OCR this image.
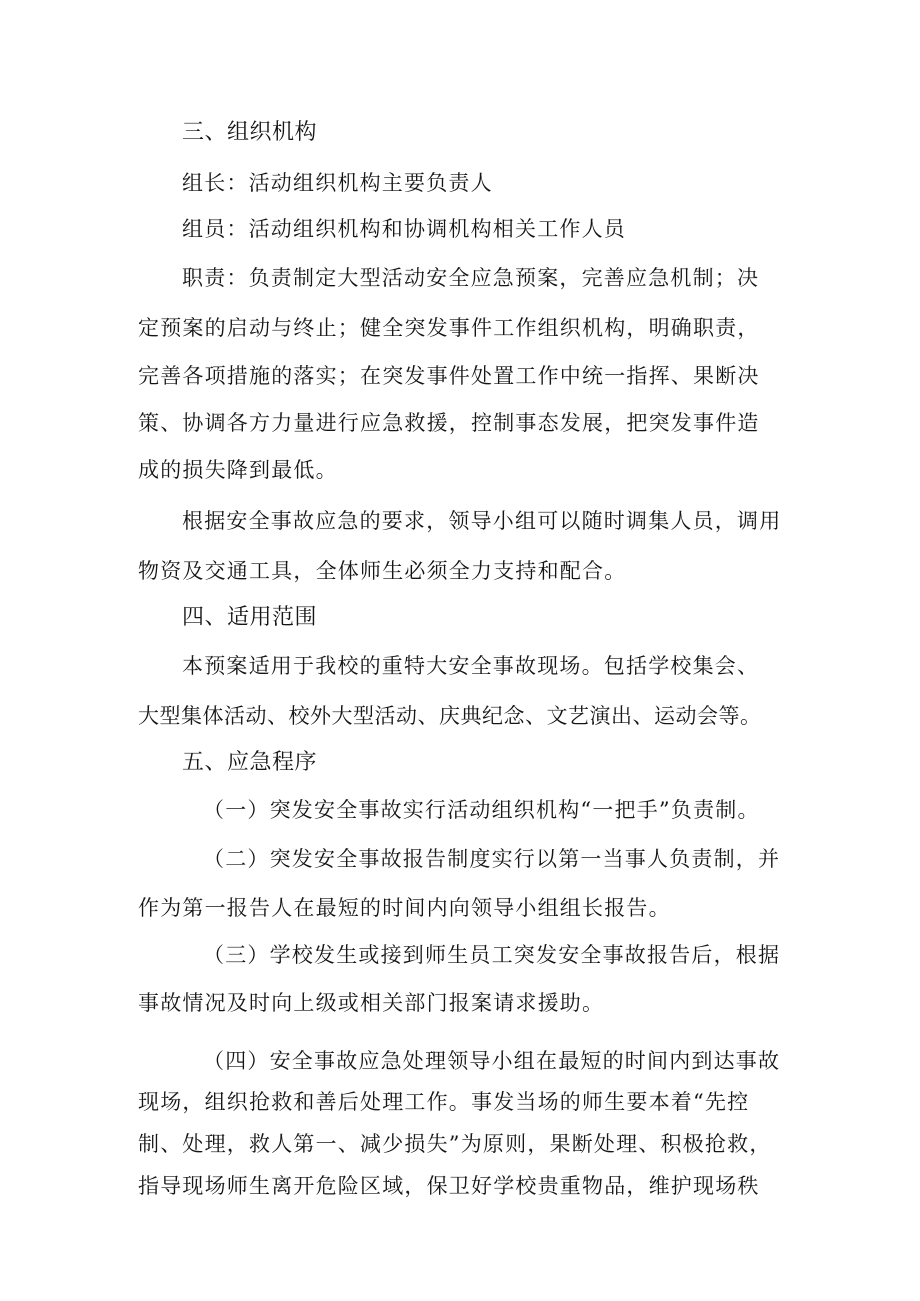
三、组织机构
组长：活动组织机构主要负责人
组员：活动组织机构和协调机构相关工作人员
职责：负责制定大型活动安全应急预案，完善应急机制；决
定预案的启动与终止；健全突发事件工作组织机构，明确职责，
完善各项措施的落实；在突发事件处置工作中统一指挥、果断决
策、协调各方力量进行应急救援，控制事态发展，把突发事件造
成的损失降到最低。
根据安全事故应急的要求，领导小组可以随时调集人员，调用
物资及交通工具，全体师生必须全力支持和配合。
四、适用范围
本预案适用于我校的重特大安全事故现场。包括学校集会、
大型集体活动、校外大型活动、庆典纪念、文艺演出、运动会等。
五、应急程序
（一）突发安全事故实行活动组织机构“一把手”负责制。
（二）突发安全事故报告制度实行以第一当事人负责制，并
作为第一报告人在最短的时间内向领导小组组长报告。
（三）学校发生或接到师生员工突发安全事故报告后，根据
事故情况及时向上级或相关部门报案请求援助。
（四）安全事故应急处理领导小组在最短的时间内到达事故
现场，组织抢救和善后处理工作。事发当场的师生要本着“先控
制、处理，救人第一、减少损失”为原则，果断处理、积极抢救，
指导现场师生离开危险区域，保卫好学校贵重物品，维护现场秩
